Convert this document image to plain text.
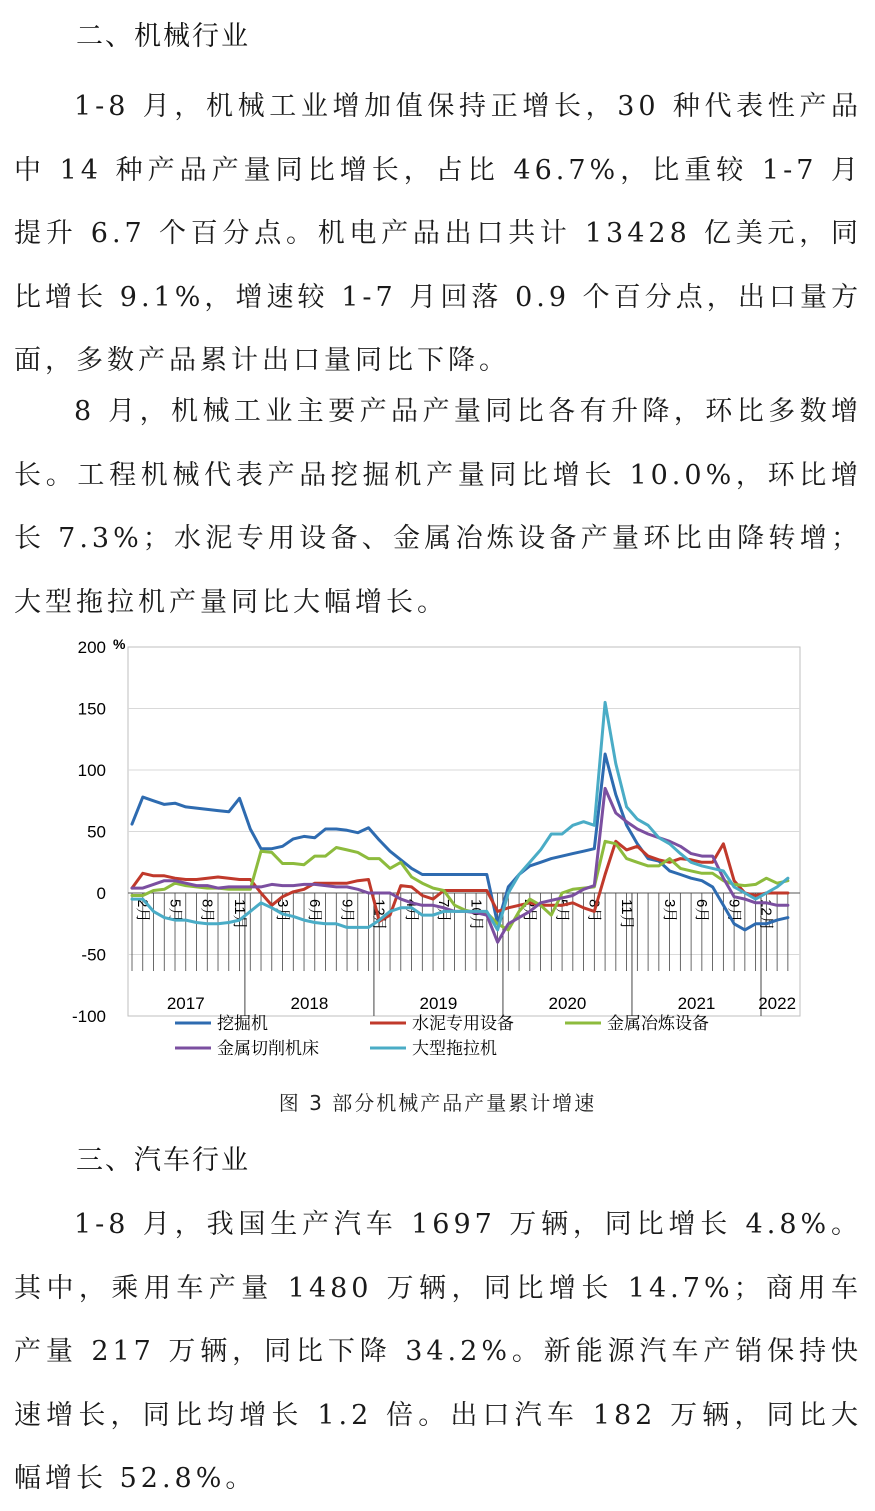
二、机械行业

1-8 月，机械工业增加值保持正增长，30 种代表性产品中 14 种产品产量同比增长，占比 46.7%，比重较 1-7 月提升 6.7 个百分点。机电产品出口共计 13428 亿美元，同比增长 9.1%，增速较 1-7 月回落 0.9 个百分点，出口量方面，多数产品累计出口量同比下降。

8 月，机械工业主要产品产量同比各有升降，环比多数增长。工程机械代表产品挖掘机产量同比增长 10.0%，环比增长 7.3%；水泥专用设备、金属冶炼设备产量环比由降转增；大型拖拉机产量同比大幅增长。

-100
-50
0
50
100
150
200 %
2017	2018	2019	2020	2021	2022
2月 5月 8月 11月 3月 6月 9月 12月 4月 7月 10月 2月 5月 8月 11月 3月 6月 9月 12月
挖掘机	水泥专用设备	金属冶炼设备
金属切削机床	大型拖拉机
图 3 部分机械产品产量累计增速
三、汽车行业

1-8 月，我国生产汽车 1697 万辆，同比增长 4.8%。其中，乘用车产量 1480 万辆，同比增长 14.7%；商用车产量 217 万辆，同比下降 34.2%。新能源汽车产销保持快速增长，同比均增长 1.2 倍。出口汽车 182 万辆，同比大幅增长 52.8%。
